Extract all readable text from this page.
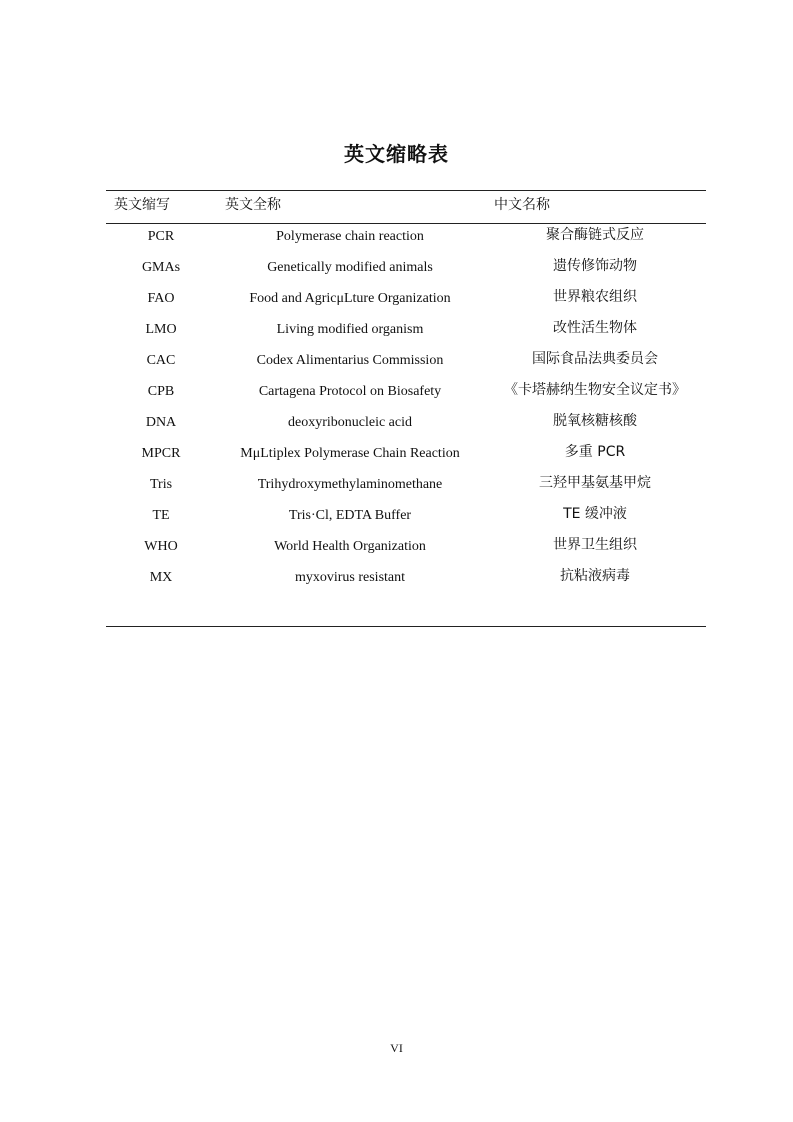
英文缩略表
英文缩写	英文全称	中文名称
PCR	Polymerase chain reaction	聚合酶链式反应
GMAs	Genetically modified animals	遗传修饰动物
FAO	Food and AgricμLture Organization	世界粮农组织
LMO	Living modified organism	改性活生物体
CAC	Codex Alimentarius Commission	国际食品法典委员会
CPB	Cartagena Protocol on Biosafety	《卡塔赫纳生物安全议定书》
DNA	deoxyribonucleic acid	脱氧核糖核酸
MPCR	MμLtiplex Polymerase Chain Reaction	多重 PCR
Tris	Trihydroxymethylaminomethane	三羟甲基氨基甲烷
TE	Tris·Cl, EDTA Buffer	TE 缓冲液
WHO	World Health Organization	世界卫生组织
MX	myxovirus resistant	抗粘液病毒
VI
